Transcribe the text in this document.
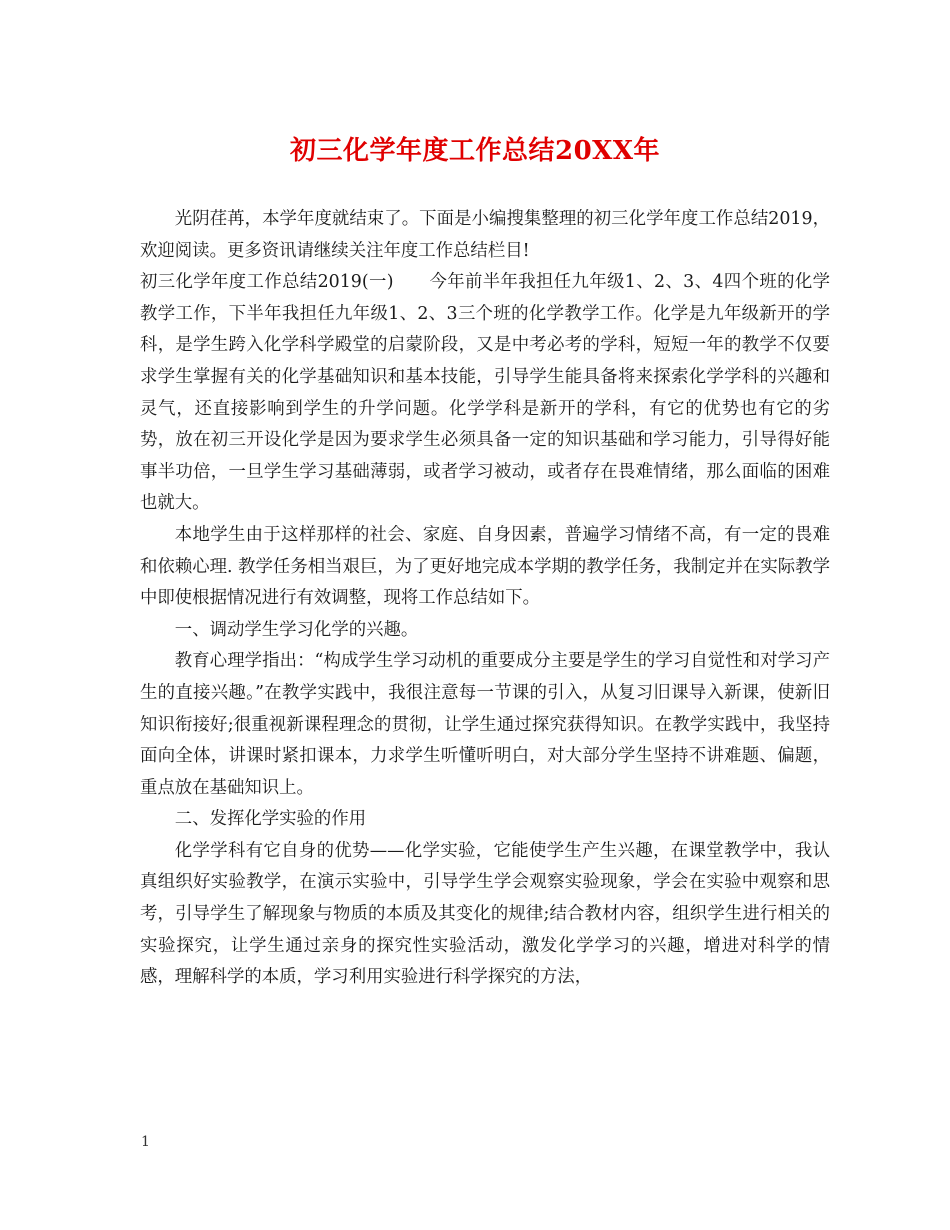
初三化学年度工作总结20XX年

光阴荏苒，本学年度就结束了。下面是小编搜集整理的初三化学年度工作总结2019，欢迎阅读。更多资讯请继续关注年度工作总结栏目!

初三化学年度工作总结2019(一)　　今年前半年我担任九年级1、2、3、4四个班的化学教学工作，下半年我担任九年级1、2、3三个班的化学教学工作。化学是九年级新开的学科，是学生跨入化学科学殿堂的启蒙阶段，又是中考必考的学科，短短一年的教学不仅要求学生掌握有关的化学基础知识和基本技能，引导学生能具备将来探索化学学科的兴趣和灵气，还直接影响到学生的升学问题。化学学科是新开的学科，有它的优势也有它的劣势，放在初三开设化学是因为要求学生必须具备一定的知识基础和学习能力，引导得好能事半功倍，一旦学生学习基础薄弱，或者学习被动，或者存在畏难情绪，那么面临的困难也就大。

本地学生由于这样那样的社会、家庭、自身因素，普遍学习情绪不高，有一定的畏难和依赖心理. 教学任务相当艰巨，为了更好地完成本学期的教学任务，我制定并在实际教学中即使根据情况进行有效调整，现将工作总结如下。

一、调动学生学习化学的兴趣。

教育心理学指出：“构成学生学习动机的重要成分主要是学生的学习自觉性和对学习产生的直接兴趣。”在教学实践中，我很注意每一节课的引入，从复习旧课导入新课，使新旧知识衔接好;很重视新课程理念的贯彻，让学生通过探究获得知识。在教学实践中，我坚持面向全体，讲课时紧扣课本，力求学生听懂听明白，对大部分学生坚持不讲难题、偏题，重点放在基础知识上。

二、发挥化学实验的作用

化学学科有它自身的优势——化学实验，它能使学生产生兴趣，在课堂教学中，我认真组织好实验教学，在演示实验中，引导学生学会观察实验现象，学会在实验中观察和思考，引导学生了解现象与物质的本质及其变化的规律;结合教材内容，组织学生进行相关的实验探究，让学生通过亲身的探究性实验活动，激发化学学习的兴趣，增进对科学的情感，理解科学的本质，学习利用实验进行科学探究的方法，

1
